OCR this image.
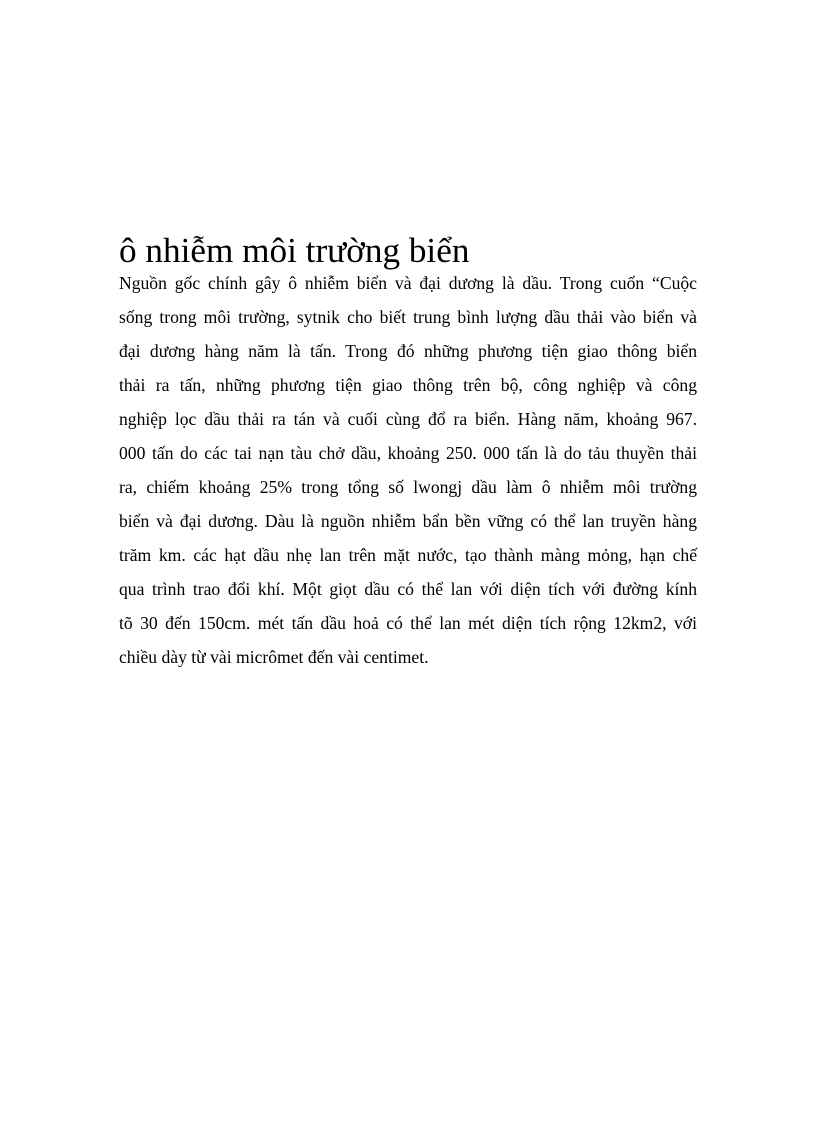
ô nhiễm môi trường biển
Nguồn gốc chính gây ô nhiễm biển và đại dương là dầu. Trong cuốn “Cuộc
sống trong môi trường, sytnik cho biết trung bình lượng dầu thải vào biển và
đại dương hàng năm là tấn. Trong đó những phương tiện giao thông biển
thải ra tấn, những phương tiện giao thông trên bộ, công nghiệp và công
nghiệp lọc dầu thải ra tán và cuối cùng đổ ra biển. Hàng năm, khoảng 967.
000 tấn do các tai nạn tàu chở dầu, khoảng 250. 000 tấn là do tảu thuyền thải
ra, chiếm khoảng 25% trong tổng số lwongj dầu làm ô nhiễm môi trường
biển và đại dương. Dàu là nguồn nhiễm bẩn bền vững có thể lan truyền hàng
trăm km. các hạt dầu nhẹ lan trên mặt nước, tạo thành màng mỏng, hạn chế
qua trình trao đổi khí. Một giọt dầu có thể lan với diện tích với đường kính
tõ 30 đến 150cm. mét tấn dầu hoả có thể lan mét diện tích rộng 12km2, với
chiều dày từ vài micrômet đến vài centimet.
